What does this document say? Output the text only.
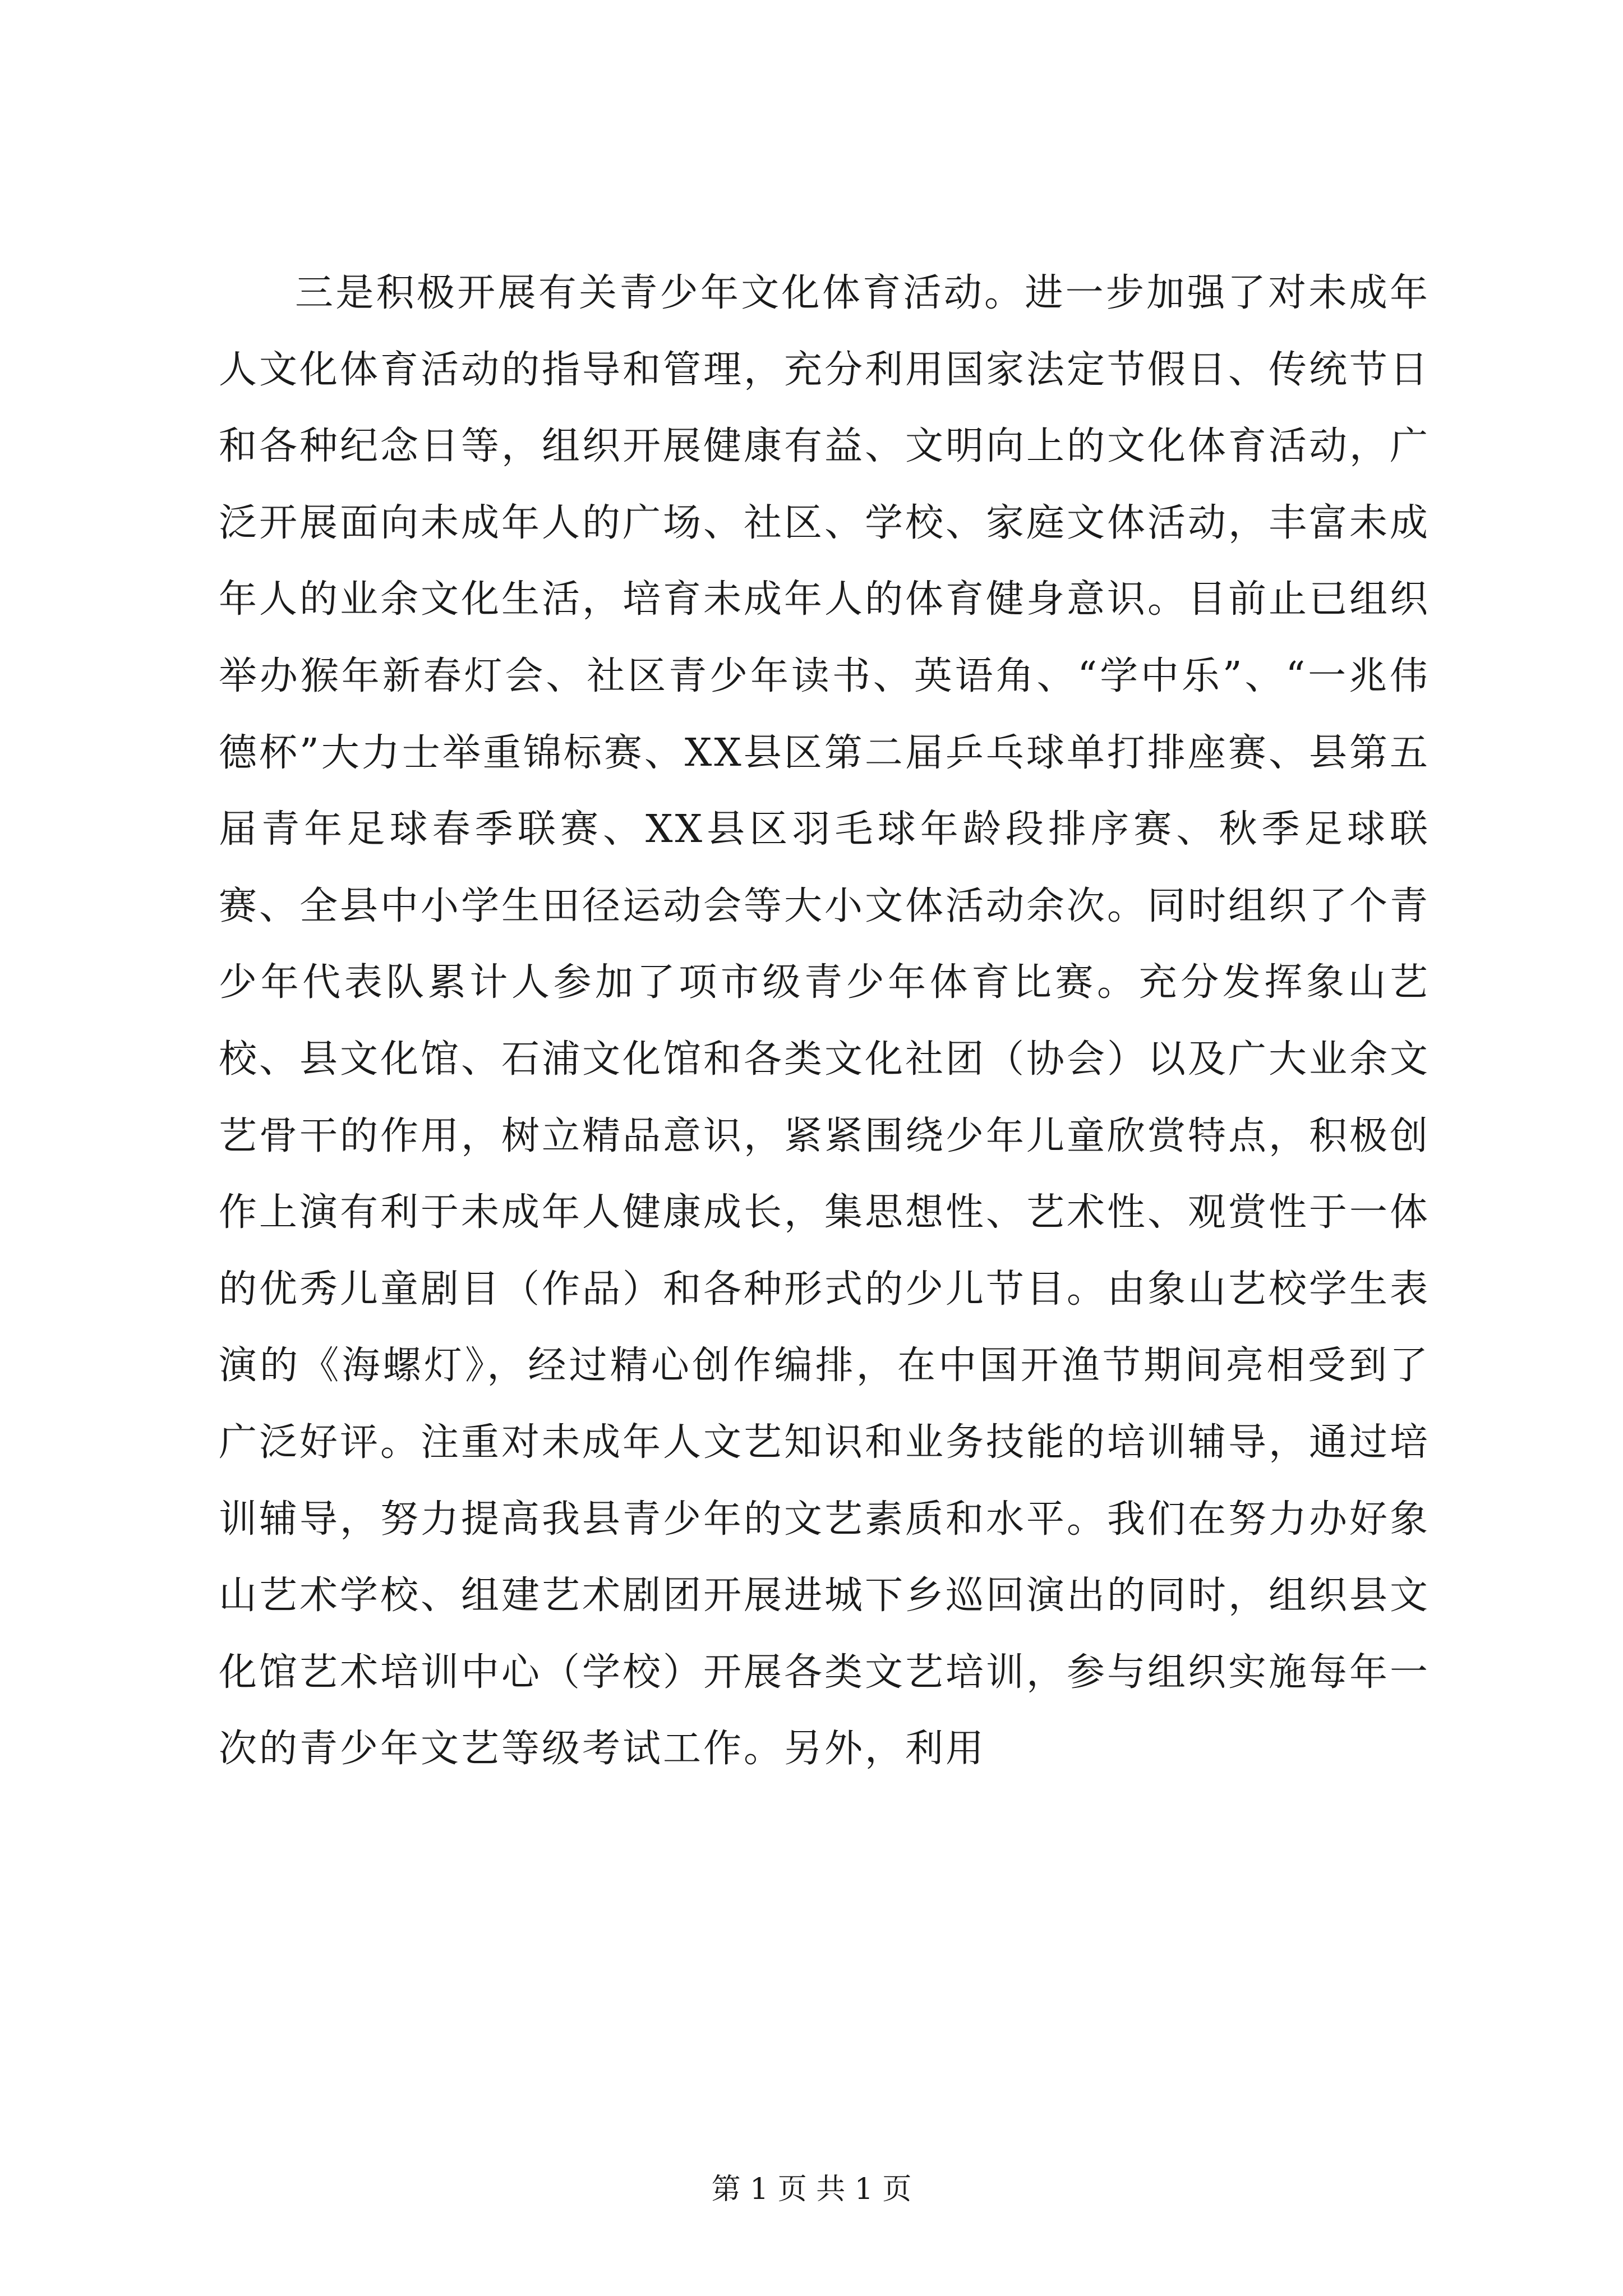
三是积极开展有关青少年文化体育活动。进一步加强了对未成年人文化体育活动的指导和管理，充分利用国家法定节假日、传统节日和各种纪念日等，组织开展健康有益、文明向上的文化体育活动，广泛开展面向未成年人的广场、社区、学校、家庭文体活动，丰富未成年人的业余文化生活，培育未成年人的体育健身意识。目前止已组织举办猴年新春灯会、社区青少年读书、英语角、“学中乐”、“一兆伟德杯”大力士举重锦标赛、XX县区第二届乒乓球单打排座赛、县第五届青年足球春季联赛、XX县区羽毛球年龄段排序赛、秋季足球联赛、全县中小学生田径运动会等大小文体活动余次。同时组织了个青少年代表队累计人参加了项市级青少年体育比赛。充分发挥象山艺校、县文化馆、石浦文化馆和各类文化社团（协会）以及广大业余文艺骨干的作用，树立精品意识，紧紧围绕少年儿童欣赏特点，积极创作上演有利于未成年人健康成长，集思想性、艺术性、观赏性于一体的优秀儿童剧目（作品）和各种形式的少儿节目。由象山艺校学生表演的《海螺灯》，经过精心创作编排，在中国开渔节期间亮相受到了广泛好评。注重对未成年人文艺知识和业务技能的培训辅导，通过培训辅导，努力提高我县青少年的文艺素质和水平。我们在努力办好象山艺术学校、组建艺术剧团开展进城下乡巡回演出的同时，组织县文化馆艺术培训中心（学校）开展各类文艺培训，参与组织实施每年一次的青少年文艺等级考试工作。另外，利用

第 1 页 共 1 页
